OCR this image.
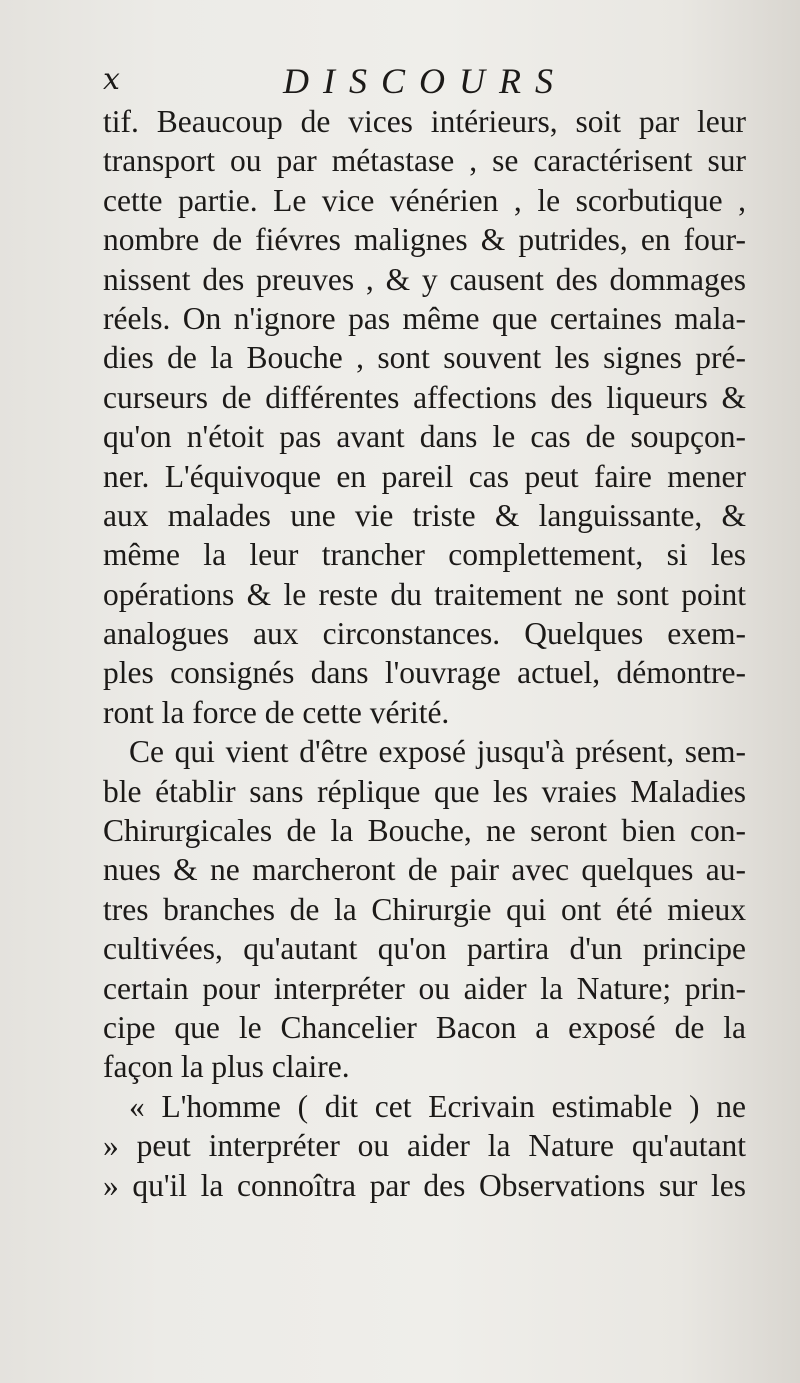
x	DISCOURS
tif. Beaucoup de vices intérieurs, soit par leur
transport ou par métastase , se caractérisent sur
cette partie. Le vice vénérien , le scorbutique ,
nombre de fiévres malignes & putrides, en four-
nissent des preuves , & y causent des dommages
réels. On n'ignore pas même que certaines mala-
dies de la Bouche , sont souvent les signes pré-
curseurs de différentes affections des liqueurs &
qu'on n'étoit pas avant dans le cas de soupçon-
ner. L'équivoque en pareil cas peut faire mener
aux malades une vie triste & languissante, &
même la leur trancher complettement, si les
opérations & le reste du traitement ne sont point
analogues aux circonstances. Quelques exem-
ples consignés dans l'ouvrage actuel, démontre-
ront la force de cette vérité.
Ce qui vient d'être exposé jusqu'à présent, sem-
ble établir sans réplique que les vraies Maladies
Chirurgicales de la Bouche, ne seront bien con-
nues & ne marcheront de pair avec quelques au-
tres branches de la Chirurgie qui ont été mieux
cultivées, qu'autant qu'on partira d'un principe
certain pour interpréter ou aider la Nature; prin-
cipe que le Chancelier Bacon a exposé de la
façon la plus claire.
« L'homme ( dit cet Ecrivain estimable ) ne
» peut interpréter ou aider la Nature qu'autant
» qu'il la connoîtra par des Observations sur les
